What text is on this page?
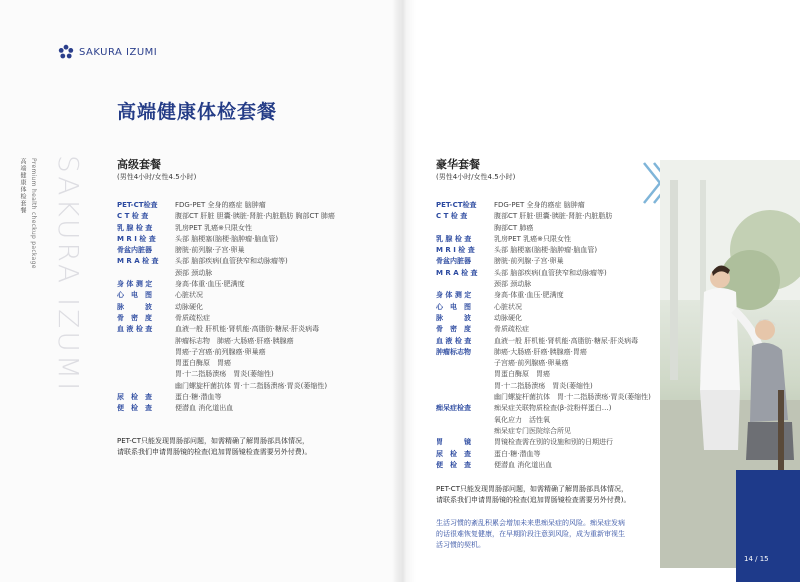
SAKURA IZUMI
高端健康体检套餐
高端健康体检套餐 Premium health checkup package SAKURA IZUMI	高级套餐
(男性4小时/女性4.5小时)
PET-CT检查	FDG-PET 全身的癌症 脑肿瘤
C T 检 查	腹部CT 肝脏 胆囊·胰脏·肾脏·内脏脂肪 胸部CT 肺癌
乳 腺 检 查	乳房PET 乳癌※只限女性
M R I 检 查	头部 脑梗塞(脑梗·脑肿瘤·脑血管)
骨盆内脏器	膀胱·前列腺·子宫·卵巢
M R A 检 查	头部 脑部疾病(血管狭窄和动脉瘤等)
颈部 颈动脉
身 体 测 定	身高·体重·血压·肥满度
心　电　图	心脏状况
脉　　　波	动脉硬化
骨　密　度	骨质疏松症
血 液 检 查	血液一般 肝机能·肾机能·高脂肪·糖尿·肝炎病毒
肿瘤标志物　肺癌·大肠癌·肝癌·胰腺癌
胃癌·子宫癌·前列腺癌·卵巢癌
胃蛋白酶原　胃癌
胃·十二指肠溃疡　胃炎(萎缩性)
幽门螺旋杆菌抗体 胃·十二指肠溃疡·胃炎(萎缩性)
尿　检　查	蛋白·糖·潜血等
便　检　查	便潜血 消化道出血
PET-CT只能发现胃肠部问题，如需精确了解胃肠部具体情况，
请联系我们申请胃肠镜的检查(追加胃肠镜检查需要另外付费)。
豪华套餐
(男性4小时/女性4.5小时)
PET-CT检查	FDG-PET 全身的癌症 脑肿瘤
C T 检 查	腹部CT 肝脏·胆囊·胰脏·肾脏·内脏脂肪
胸部CT 肺癌
乳 腺 检 查	乳房PET 乳癌※只限女性
M R I 检 查	头部 脑梗塞(脑梗·脑肿瘤·脑血管)
骨盆内脏器	膀胱·前列腺·子宫·卵巢
M R A 检 查	头部 脑部疾病(血管狭窄和动脉瘤等)
颈部 颈动脉
身 体 测 定	身高·体重·血压·肥满度
心　电　图	心脏状况
脉　　　波	动脉硬化
骨　密　度	骨质疏松症
血 液 检 查	血液一般 肝机能·肾机能·高脂肪·糖尿·肝炎病毒
肿瘤标志物	肺癌·大肠癌·肝癌·胰腺癌·胃癌
子宫癌·前列腺癌·卵巢癌
胃蛋白酶原　胃癌
胃·十二指肠溃疡　胃炎(萎缩性)
幽门螺旋杆菌抗体　胃·十二指肠溃疡·胃炎(萎缩性)
痴呆症检查	痴呆症关联物质检查(β-淀粉样蛋白…)
氧化应力　活性氧
痴呆症专门医院综合所见
胃　　　镜	胃镜检查需在别的设施和别的日期进行
尿　检　查	蛋白·糖·潜血等
便　检　查	便潜血 消化道出血
PET-CT只能发现胃肠部问题，如需精确了解胃肠部具体情况，
请联系我们申请胃肠镜的检查(追加胃肠镜检查需要另外付费)。
生活习惯的紊乱积累会增加未来患痴呆症的风险。痴呆症发病
的话很难恢复健康，在早期阶段注意到风险，成为重新审视生
活习惯的契机。
14 / 15
